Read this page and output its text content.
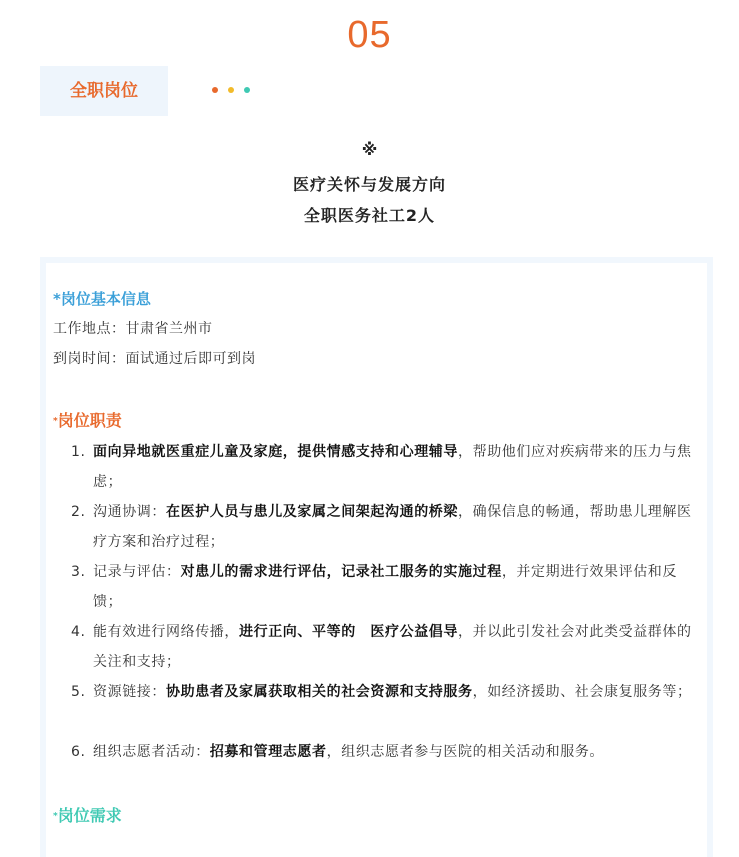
05
全职岗位
※
医疗关怀与发展方向
全职医务社工2人
*岗位基本信息
工作地点：甘肃省兰州市
到岗时间：面试通过后即可到岗
*岗位职责
1. 面向异地就医重症儿童及家庭，提供情感支持和心理辅导，帮助他们应对疾病带来的压力与焦虑；
2. 沟通协调：在医护人员与患儿及家属之间架起沟通的桥梁，确保信息的畅通，帮助患儿理解医疗方案和治疗过程；
3. 记录与评估：对患儿的需求进行评估，记录社工服务的实施过程，并定期进行效果评估和反馈；
4. 能有效进行网络传播，进行正向、平等的　医疗公益倡导，并以此引发社会对此类受益群体的关注和支持；
5. 资源链接：协助患者及家属获取相关的社会资源和支持服务，如经济援助、社会康复服务等；
6. 组织志愿者活动：招募和管理志愿者，组织志愿者参与医院的相关活动和服务。
*岗位需求
